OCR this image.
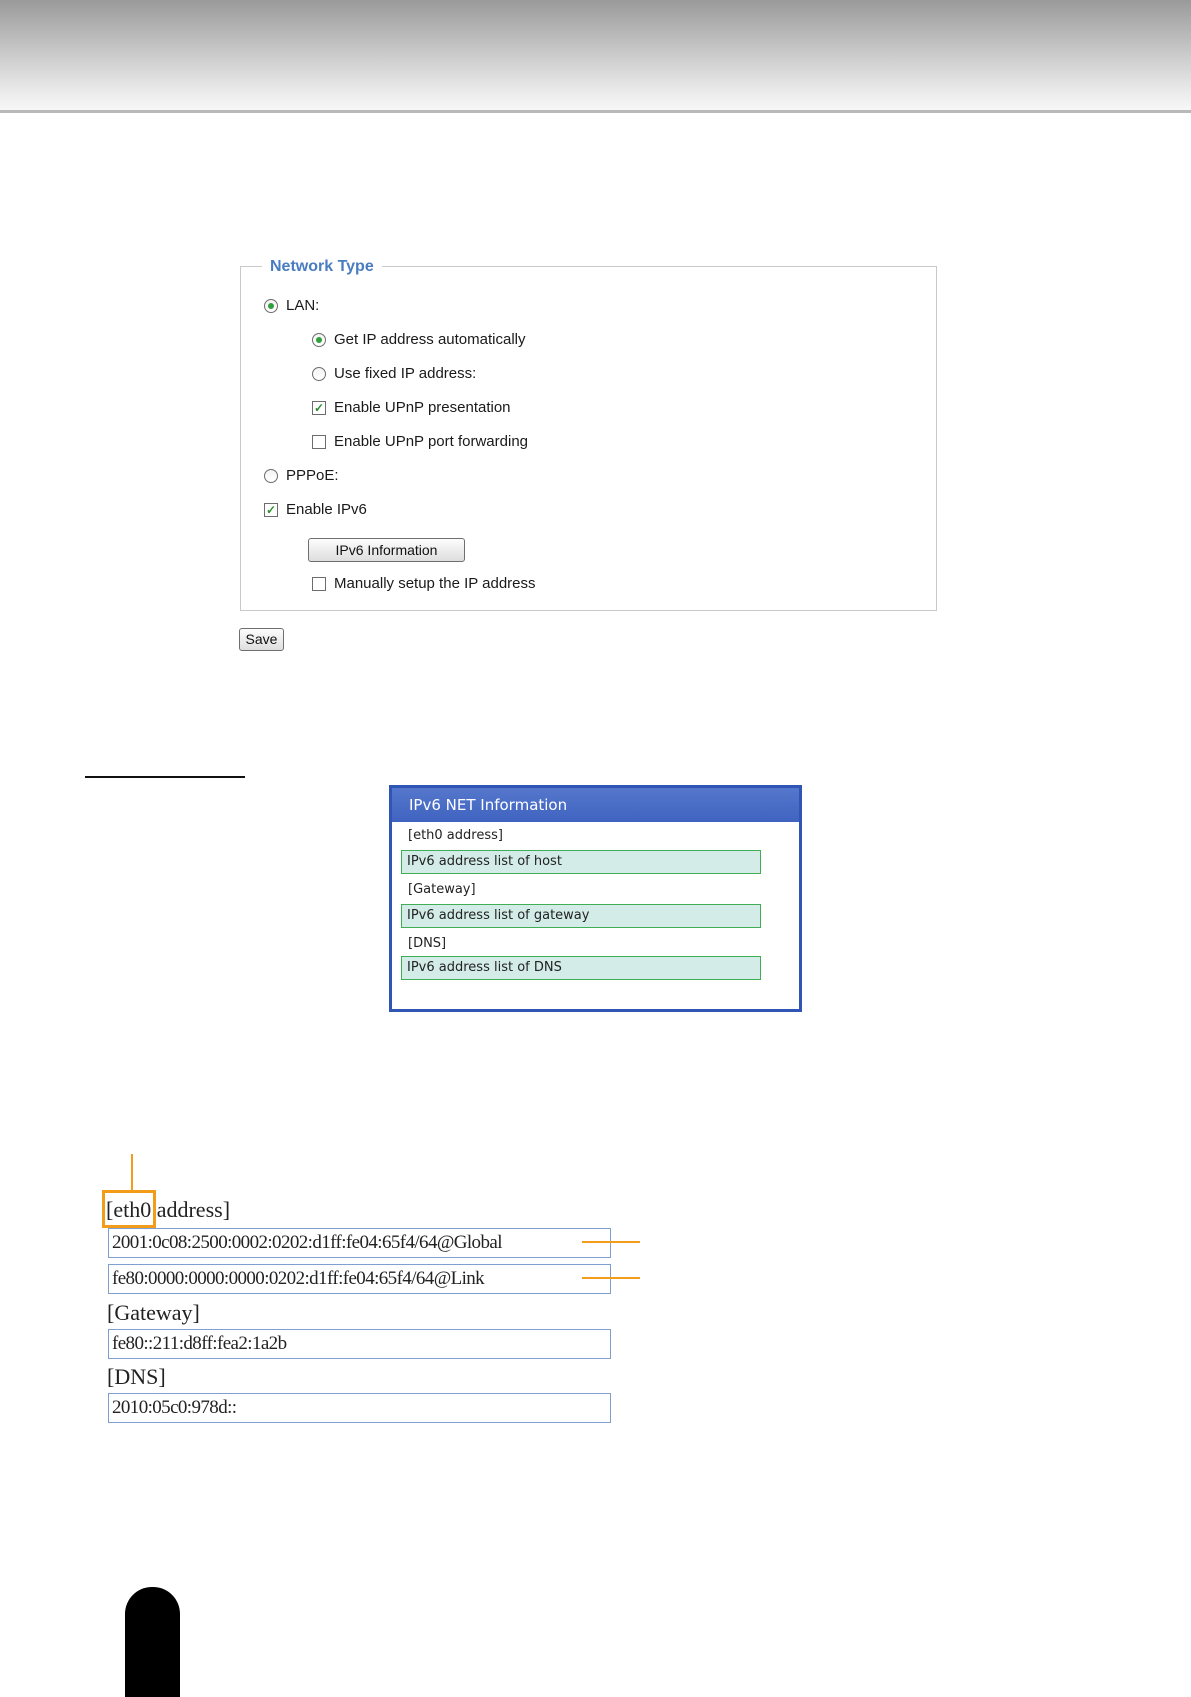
Network Type
LAN:
Get IP address automatically
Use fixed IP address:
✓ Enable UPnP presentation
Enable UPnP port forwarding
PPPoE:
✓ Enable IPv6
IPv6 Information
Manually setup the IP address
Save
IPv6 NET Information
[eth0 address]
IPv6 address list of host
[Gateway]
IPv6 address list of gateway
[DNS]
IPv6 address list of DNS
[eth0 address]
2001:0c08:2500:0002:0202:d1ff:fe04:65f4/64@Global
fe80:0000:0000:0000:0202:d1ff:fe04:65f4/64@Link
[Gateway]
fe80::211:d8ff:fea2:1a2b
[DNS]
2010:05c0:978d::
